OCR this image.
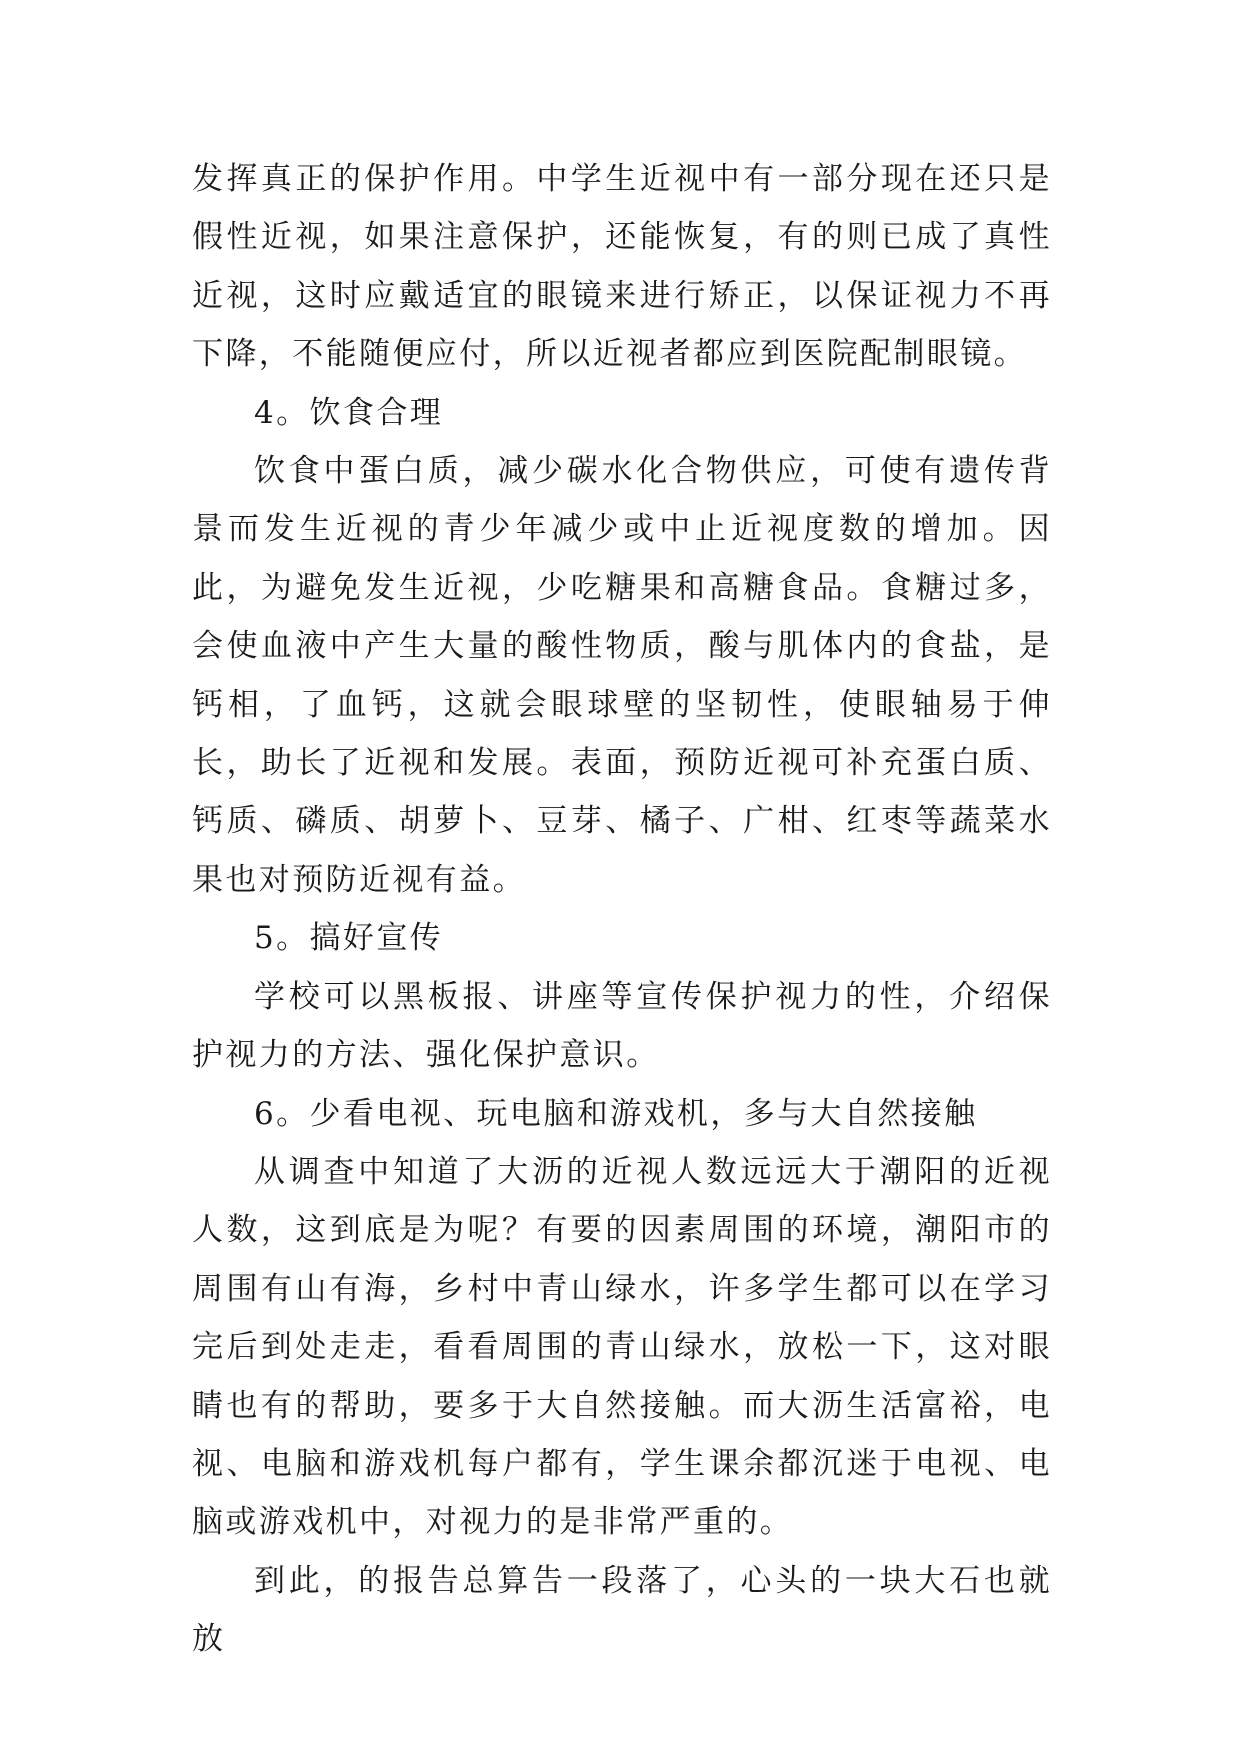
发挥真正的保护作用。中学生近视中有一部分现在还只是假性近视，如果注意保护，还能恢复，有的则已成了真性近视，这时应戴适宜的眼镜来进行矫正，以保证视力不再下降，不能随便应付，所以近视者都应到医院配制眼镜。

4。饮食合理

饮食中蛋白质，减少碳水化合物供应，可使有遗传背景而发生近视的青少年减少或中止近视度数的增加。因此，为避免发生近视，少吃糖果和高糖食品。食糖过多，会使血液中产生大量的酸性物质，酸与肌体内的食盐，是钙相，了血钙，这就会眼球壁的坚韧性，使眼轴易于伸长，助长了近视和发展。表面，预防近视可补充蛋白质、钙质、磷质、胡萝卜、豆芽、橘子、广柑、红枣等蔬菜水果也对预防近视有益。

5。搞好宣传

学校可以黑板报、讲座等宣传保护视力的性，介绍保护视力的方法、强化保护意识。

6。少看电视、玩电脑和游戏机，多与大自然接触

从调查中知道了大沥的近视人数远远大于潮阳的近视人数，这到底是为呢？有要的因素周围的环境，潮阳市的周围有山有海，乡村中青山绿水，许多学生都可以在学习完后到处走走，看看周围的青山绿水，放松一下，这对眼睛也有的帮助，要多于大自然接触。而大沥生活富裕，电视、电脑和游戏机每户都有，学生课余都沉迷于电视、电脑或游戏机中，对视力的是非常严重的。

到此，的报告总算告一段落了，心头的一块大石也就放
